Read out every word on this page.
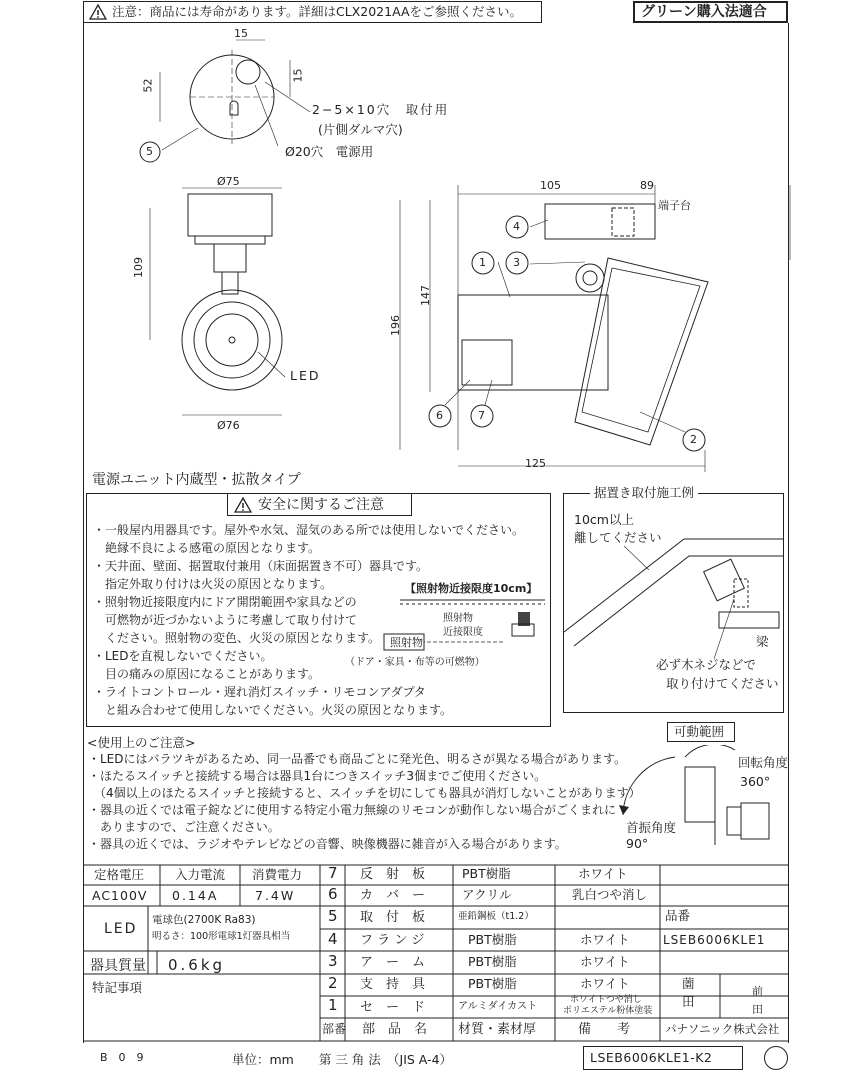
注意：商品には寿命があります。詳細はCLX2021AAをご参照ください。	グリーン購入法適合
15
52
15
2−5×10穴　取付用
(片側ダルマ穴)
Ø20穴　電源用
5
Ø75
109
LED
Ø76
105	89
端子台
147
196
125
1 3
4
6	7
2
電源ユニット内蔵型・拡散タイプ
安全に関するご注意
・一般屋内用器具です。屋外や水気、湿気のある所では使用しないでください。
　絶縁不良による感電の原因となります。
・天井面、壁面、据置取付兼用（床面据置き不可）器具です。
　指定外取り付けは火災の原因となります。
・照射物近接限度内にドア開閉範囲や家具などの
　可燃物が近づかないように考慮して取り付けて
　ください。照射物の変色、火災の原因となります。
・LEDを直視しないでください。
　目の痛みの原因になることがあります。
・ライトコントロール・遅れ消灯スイッチ・リモコンアダプタ
　と組み合わせて使用しないでください。火災の原因となります。
【照射物近接限度10cm】
照射物
照射物
近接限度
（ドア・家具・布等の可燃物）
据置き取付施工例
10cm以上
離してください
梁
必ず木ネジなどで
取り付けてください
<使用上のご注意>
・LEDにはバラツキがあるため、同一品番でも商品ごとに発光色、明るさが異なる場合があります。
・ほたるスイッチと接続する場合は器具1台につきスイッチ3個までご使用ください。
　（4個以上のほたるスイッチと接続すると、スイッチを切にしても器具が消灯しないことがあります）
・器具の近くでは電子錠などに使用する特定小電力無線のリモコンが動作しない場合がごくまれに
　ありますので、ご注意ください。
・器具の近くでは、ラジオやテレビなどの音響、映像機器に雑音が入る場合があります。
可動範囲
回転角度
360°
首振角度
90°
定格電圧 入力電流 消費電力
AC100V 0.14A	7.4W
LED
電球色(2700K Ra83)
明るさ：100形電球1灯器具相当
器具質量 0.6kg
特記事項
7 反　射　板	PBT樹脂	ホワイト
6 カ　バ　ー	アクリル	乳白つや消し
5 取　付　板	亜鉛鋼板（t1.2）	品番
4 フ ラ ン ジ	PBT樹脂	ホワイト	LSEB6006KLE1
3 ア　ー　ム	PBT樹脂	ホワイト
薗
前
2 支　持　具	PBT樹脂	ホワイト
田
田
1 セ　ー　ド	アルミダイカスト
ホワイトつや消し
ポリエステル粉体塗装
部番 部　品　名 材質・素材厚	備　　考	パナソニック株式会社
B　0　9	単位：mm　　第 三 角 法　（JIS A-4）	LSEB6006KLE1-K2
